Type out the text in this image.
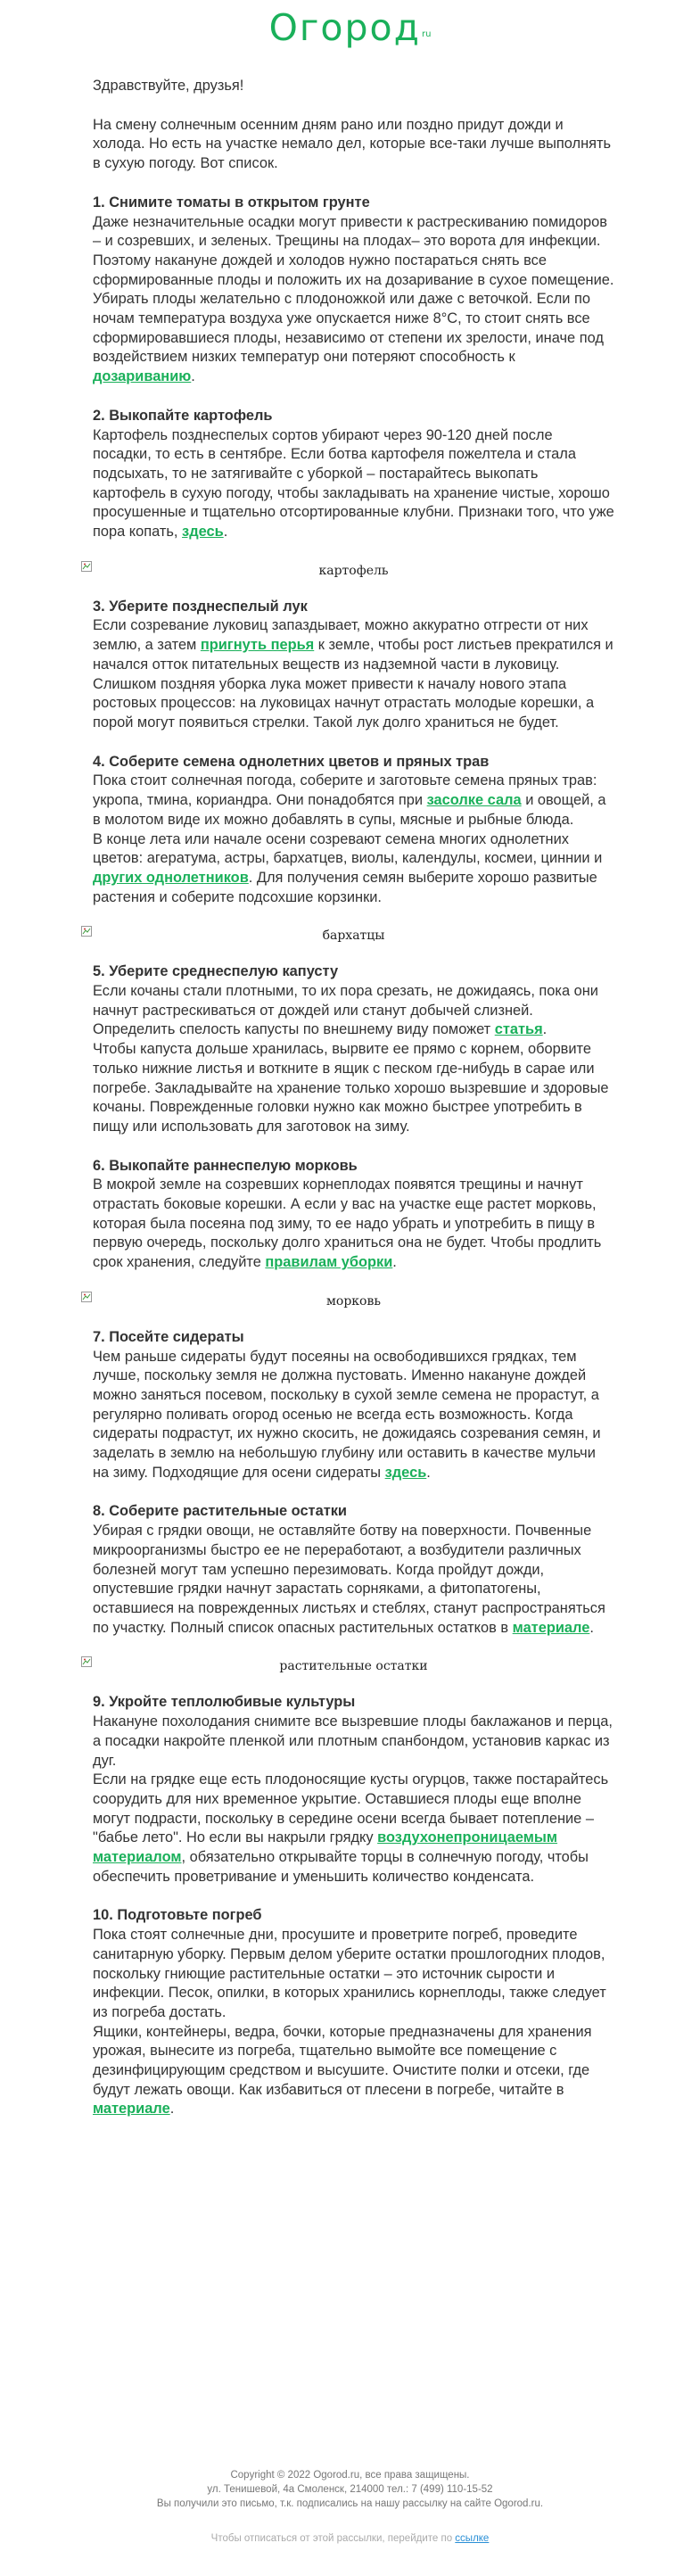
Огород$^{ru}$

Здравствуйте, друзья!

На смену солнечным осенним дням рано или поздно придут дожди и холода. Но есть на участке немало дел, которые все-таки лучше выполнять в сухую погоду. Вот список.

1. Снимите томаты в открытом грунте

Даже незначительные осадки могут привести к растрескиванию помидоров – и созревших, и зеленых. Трещины на плодах– это ворота для инфекции. Поэтому накануне дождей и холодов нужно постараться снять все сформированные плоды и положить их на дозаривание в сухое помещение.

Убирать плоды желательно с плодоножкой или даже с веточкой. Если по ночам температура воздуха уже опускается ниже 8°C, то стоит снять все сформировавшиеся плоды, независимо от степени их зрелости, иначе под воздействием низких температур они потеряют способность к дозариванию.

2. Выкопайте картофель

Картофель позднеспелых сортов убирают через 90-120 дней после посадки, то есть в сентябре. Если ботва картофеля пожелтела и стала подсыхать, то не затягивайте с уборкой – постарайтесь выкопать картофель в сухую погоду, чтобы закладывать на хранение чистые, хорошо просушенные и тщательно отсортированные клубни. Признаки того, что уже пора копать, здесь.

картофель

3. Уберите позднеспелый лук

Если созревание луковиц запаздывает, можно аккуратно отгрести от них землю, а затем пригнуть перья к земле, чтобы рост листьев прекратился и начался отток питательных веществ из надземной части в луковицу.

Слишком поздняя уборка лука может привести к началу нового этапа ростовых процессов: на луковицах начнут отрастать молодые корешки, а порой могут появиться стрелки. Такой лук долго храниться не будет.

4. Соберите семена однолетних цветов и пряных трав

Пока стоит солнечная погода, соберите и заготовьте семена пряных трав: укропа, тмина, кориандра. Они понадобятся при засолке сала и овощей, а в молотом виде их можно добавлять в супы, мясные и рыбные блюда.

В конце лета или начале осени созревают семена многих однолетних цветов: агератума, астры, бархатцев, виолы, календулы, космеи, циннии и других однолетников. Для получения семян выберите хорошо развитые растения и соберите подсохшие корзинки.

бархатцы

5. Уберите среднеспелую капусту

Если кочаны стали плотными, то их пора срезать, не дожидаясь, пока они начнут растрескиваться от дождей или станут добычей слизней. Определить спелость капусты по внешнему виду поможет статья.

Чтобы капуста дольше хранилась, вырвите ее прямо с корнем, оборвите только нижние листья и воткните в ящик с песком где-нибудь в сарае или погребе. Закладывайте на хранение только хорошо вызревшие и здоровые кочаны. Поврежденные головки нужно как можно быстрее употребить в пищу или использовать для заготовок на зиму.

6. Выкопайте раннеспелую морковь

В мокрой земле на созревших корнеплодах появятся трещины и начнут отрастать боковые корешки. А если у вас на участке еще растет морковь, которая была посеяна под зиму, то ее надо убрать и употребить в пищу в первую очередь, поскольку долго храниться она не будет. Чтобы продлить срок хранения, следуйте правилам уборки.

морковь

7. Посейте сидераты

Чем раньше сидераты будут посеяны на освободившихся грядках, тем лучше, поскольку земля не должна пустовать. Именно накануне дождей можно заняться посевом, поскольку в сухой земле семена не прорастут, а регулярно поливать огород осенью не всегда есть возможность. Когда сидераты подрастут, их нужно скосить, не дожидаясь созревания семян, и заделать в землю на небольшую глубину или оставить в качестве мульчи на зиму. Подходящие для осени сидераты здесь.

8. Соберите растительные остатки

Убирая с грядки овощи, не оставляйте ботву на поверхности. Почвенные микроорганизмы быстро ее не переработают, а возбудители различных болезней могут там успешно перезимовать. Когда пройдут дожди, опустевшие грядки начнут зарастать сорняками, а фитопатогены, оставшиеся на поврежденных листьях и стеблях, станут распространяться по участку. Полный список опасных растительных остатков в материале.

растительные остатки

9. Укройте теплолюбивые культуры

Накануне похолодания снимите все вызревшие плоды баклажанов и перца, а посадки накройте пленкой или плотным спанбондом, установив каркас из дуг.

Если на грядке еще есть плодоносящие кусты огурцов, также постарайтесь соорудить для них временное укрытие. Оставшиеся плоды еще вполне могут подрасти, поскольку в середине осени всегда бывает потепление – "бабье лето". Но если вы накрыли грядку воздухонепроницаемым материалом, обязательно открывайте торцы в солнечную погоду, чтобы обеспечить проветривание и уменьшить количество конденсата.

10. Подготовьте погреб

Пока стоят солнечные дни, просушите и проветрите погреб, проведите санитарную уборку. Первым делом уберите остатки прошлогодних плодов, поскольку гниющие растительные остатки – это источник сырости и инфекции. Песок, опилки, в которых хранились корнеплоды, также следует из погреба достать.

Ящики, контейнеры, ведра, бочки, которые предназначены для хранения урожая, вынесите из погреба, тщательно вымойте все помещение с дезинфицирующим средством и высушите. Очистите полки и отсеки, где будут лежать овощи. Как избавиться от плесени в погребе, читайте в материале.

Copyright © 2022 Ogorod.ru, все права защищены.
ул. Тенишевой, 4а Смоленск, 214000 тел.: 7 (499) 110-15-52
Вы получили это письмо, т.к. подписались на нашу рассылку на сайте Ogorod.ru.
Чтобы отписаться от этой рассылки, перейдите по ссылке
